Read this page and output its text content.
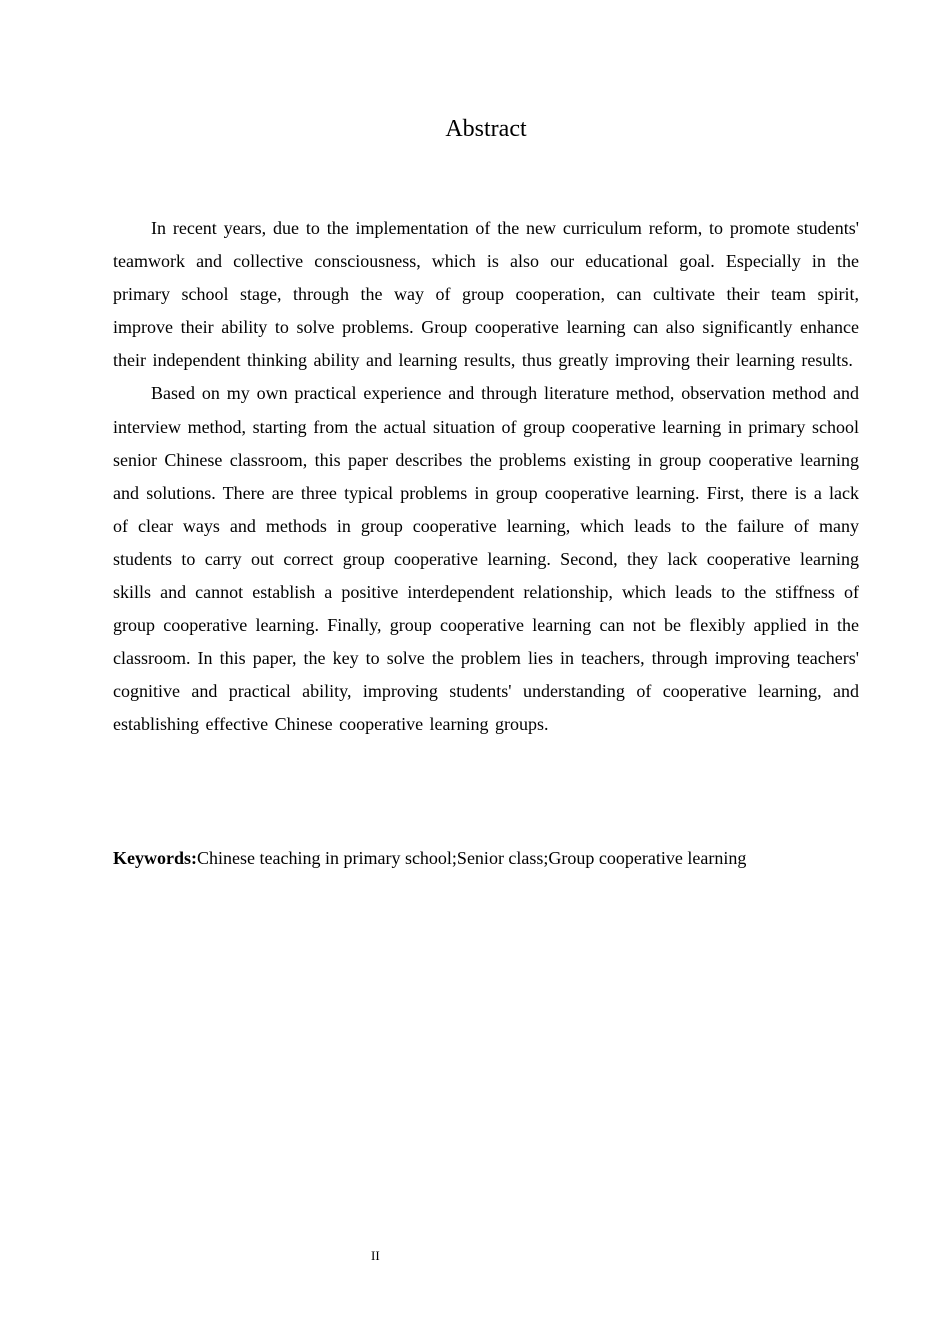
Abstract

In recent years, due to the implementation of the new curriculum reform, to promote students' teamwork and collective consciousness, which is also our educational goal. Especially in the primary school stage, through the way of group cooperation, can cultivate their team spirit, improve their ability to solve problems. Group cooperative learning can also significantly enhance their independent thinking ability and learning results, thus greatly improving their learning results.

Based on my own practical experience and through literature method, observation method and interview method, starting from the actual situation of group cooperative learning in primary school senior Chinese classroom, this paper describes the problems existing in group cooperative learning and solutions. There are three typical problems in group cooperative learning. First, there is a lack of clear ways and methods in group cooperative learning, which leads to the failure of many students to carry out correct group cooperative learning. Second, they lack cooperative learning skills and cannot establish a positive interdependent relationship, which leads to the stiffness of group cooperative learning. Finally, group cooperative learning can not be flexibly applied in the classroom. In this paper, the key to solve the problem lies in teachers, through improving teachers' cognitive and practical ability, improving students' understanding of cooperative learning, and establishing effective Chinese cooperative learning groups.

Keywords:Chinese teaching in primary school;Senior class;Group cooperative learning
II
